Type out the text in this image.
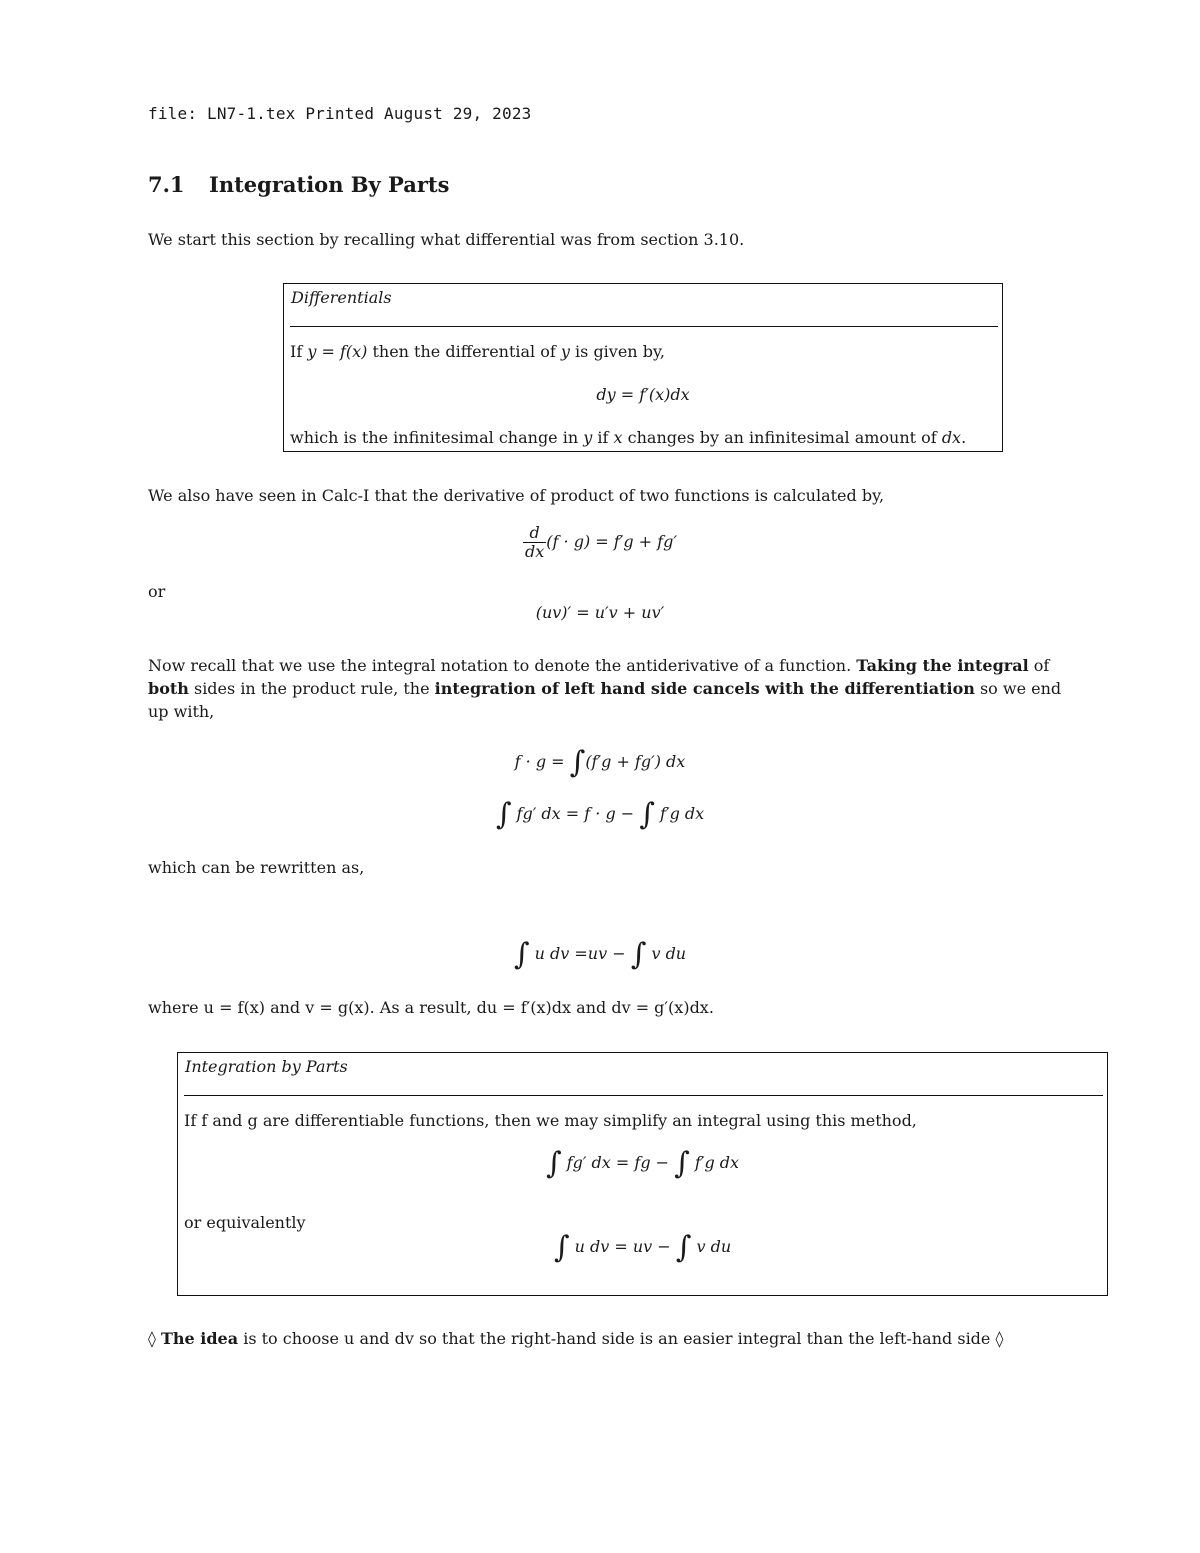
file: LN7-1.tex Printed August 29, 2023
7.1 Integration By Parts
We start this section by recalling what differential was from section 3.10.
Differentials
If y = f(x) then the differential of y is given by,
dy = f′(x)dx
which is the infinitesimal change in y if x changes by an infinitesimal amount of dx.
We also have seen in Calc-I that the derivative of product of two functions is calculated by,
$\frac{d}{dx} (f \cdot g) = f'g + fg'$
or
(uv)′ = u′v + uv′
Now recall that we use the integral notation to denote the antiderivative of a function. Taking the integral of
both sides in the product rule, the integration of left hand side cancels with the differentiation so we end
up with,
f · g = ∫(f′g + fg′) dx
∫ fg′ dx = f · g − ∫ f′g dx
which can be rewritten as,
∫ u dv =uv − ∫ v du
where u = f(x) and v = g(x). As a result, du = f′(x)dx and dv = g′(x)dx.
Integration by Parts
If f and g are differentiable functions, then we may simplify an integral using this method,
∫ fg′ dx = fg − ∫ f′g dx
or equivalently
∫ u dv = uv − ∫ v du
◊ The idea is to choose u and dv so that the right-hand side is an easier integral than the left-hand side ◊
